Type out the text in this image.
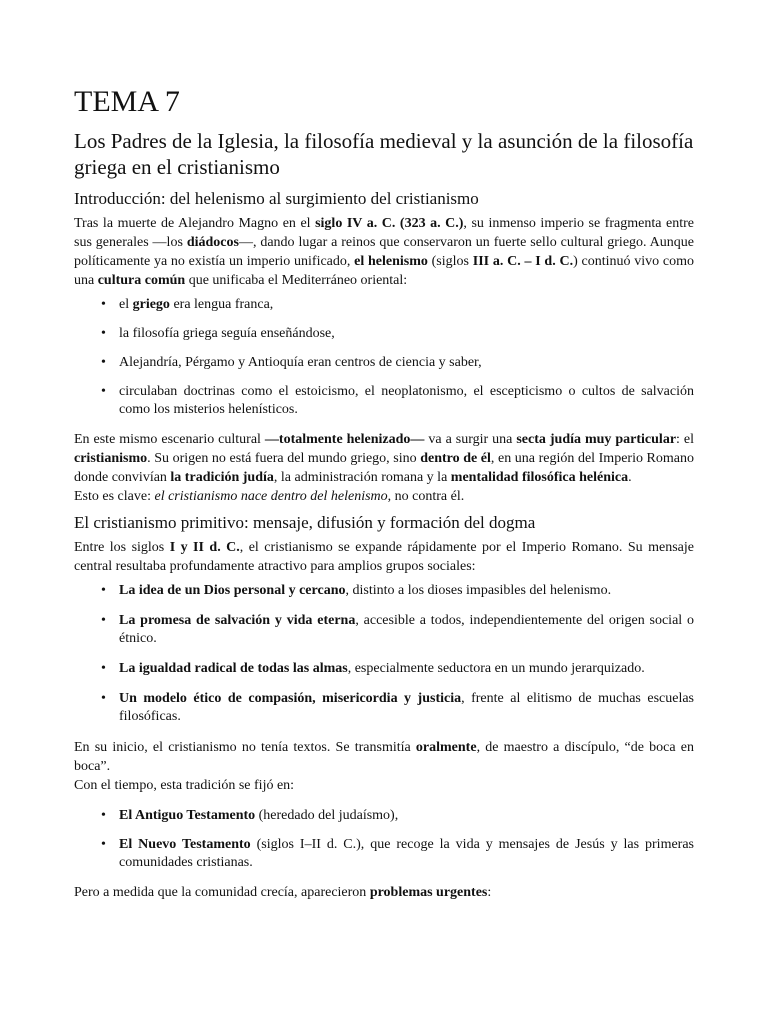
TEMA 7
Los Padres de la Iglesia, la filosofía medieval y la asunción de la filosofía griega en el cristianismo
Introducción: del helenismo al surgimiento del cristianismo

Tras la muerte de Alejandro Magno en el siglo IV a. C. (323 a. C.), su inmenso imperio se fragmenta entre sus generales —los diádocos—, dando lugar a reinos que conservaron un fuerte sello cultural griego. Aunque políticamente ya no existía un imperio unificado, el helenismo (siglos III a. C. – I d. C.) continuó vivo como una cultura común que unificaba el Mediterráneo oriental:

• el griego era lengua franca,
• la filosofía griega seguía enseñándose,
• Alejandría, Pérgamo y Antioquía eran centros de ciencia y saber,
• circulaban doctrinas como el estoicismo, el neoplatonismo, el escepticismo o cultos de salvación como los misterios helenísticos.

En este mismo escenario cultural —totalmente helenizado— va a surgir una secta judía muy particular: el cristianismo. Su origen no está fuera del mundo griego, sino dentro de él, en una región del Imperio Romano donde convivían la tradición judía, la administración romana y la mentalidad filosófica helénica.

Esto es clave: el cristianismo nace dentro del helenismo, no contra él.

El cristianismo primitivo: mensaje, difusión y formación del dogma

Entre los siglos I y II d. C., el cristianismo se expande rápidamente por el Imperio Romano. Su mensaje central resultaba profundamente atractivo para amplios grupos sociales:

• La idea de un Dios personal y cercano, distinto a los dioses impasibles del helenismo.
• La promesa de salvación y vida eterna, accesible a todos, independientemente del origen social o étnico.
• La igualdad radical de todas las almas, especialmente seductora en un mundo jerarquizado.
• Un modelo ético de compasión, misericordia y justicia, frente al elitismo de muchas escuelas filosóficas.

En su inicio, el cristianismo no tenía textos. Se transmitía oralmente, de maestro a discípulo, “de boca en boca”.

Con el tiempo, esta tradición se fijó en:

• El Antiguo Testamento (heredado del judaísmo),
• El Nuevo Testamento (siglos I–II d. C.), que recoge la vida y mensajes de Jesús y las primeras comunidades cristianas.

Pero a medida que la comunidad crecía, aparecieron problemas urgentes:
